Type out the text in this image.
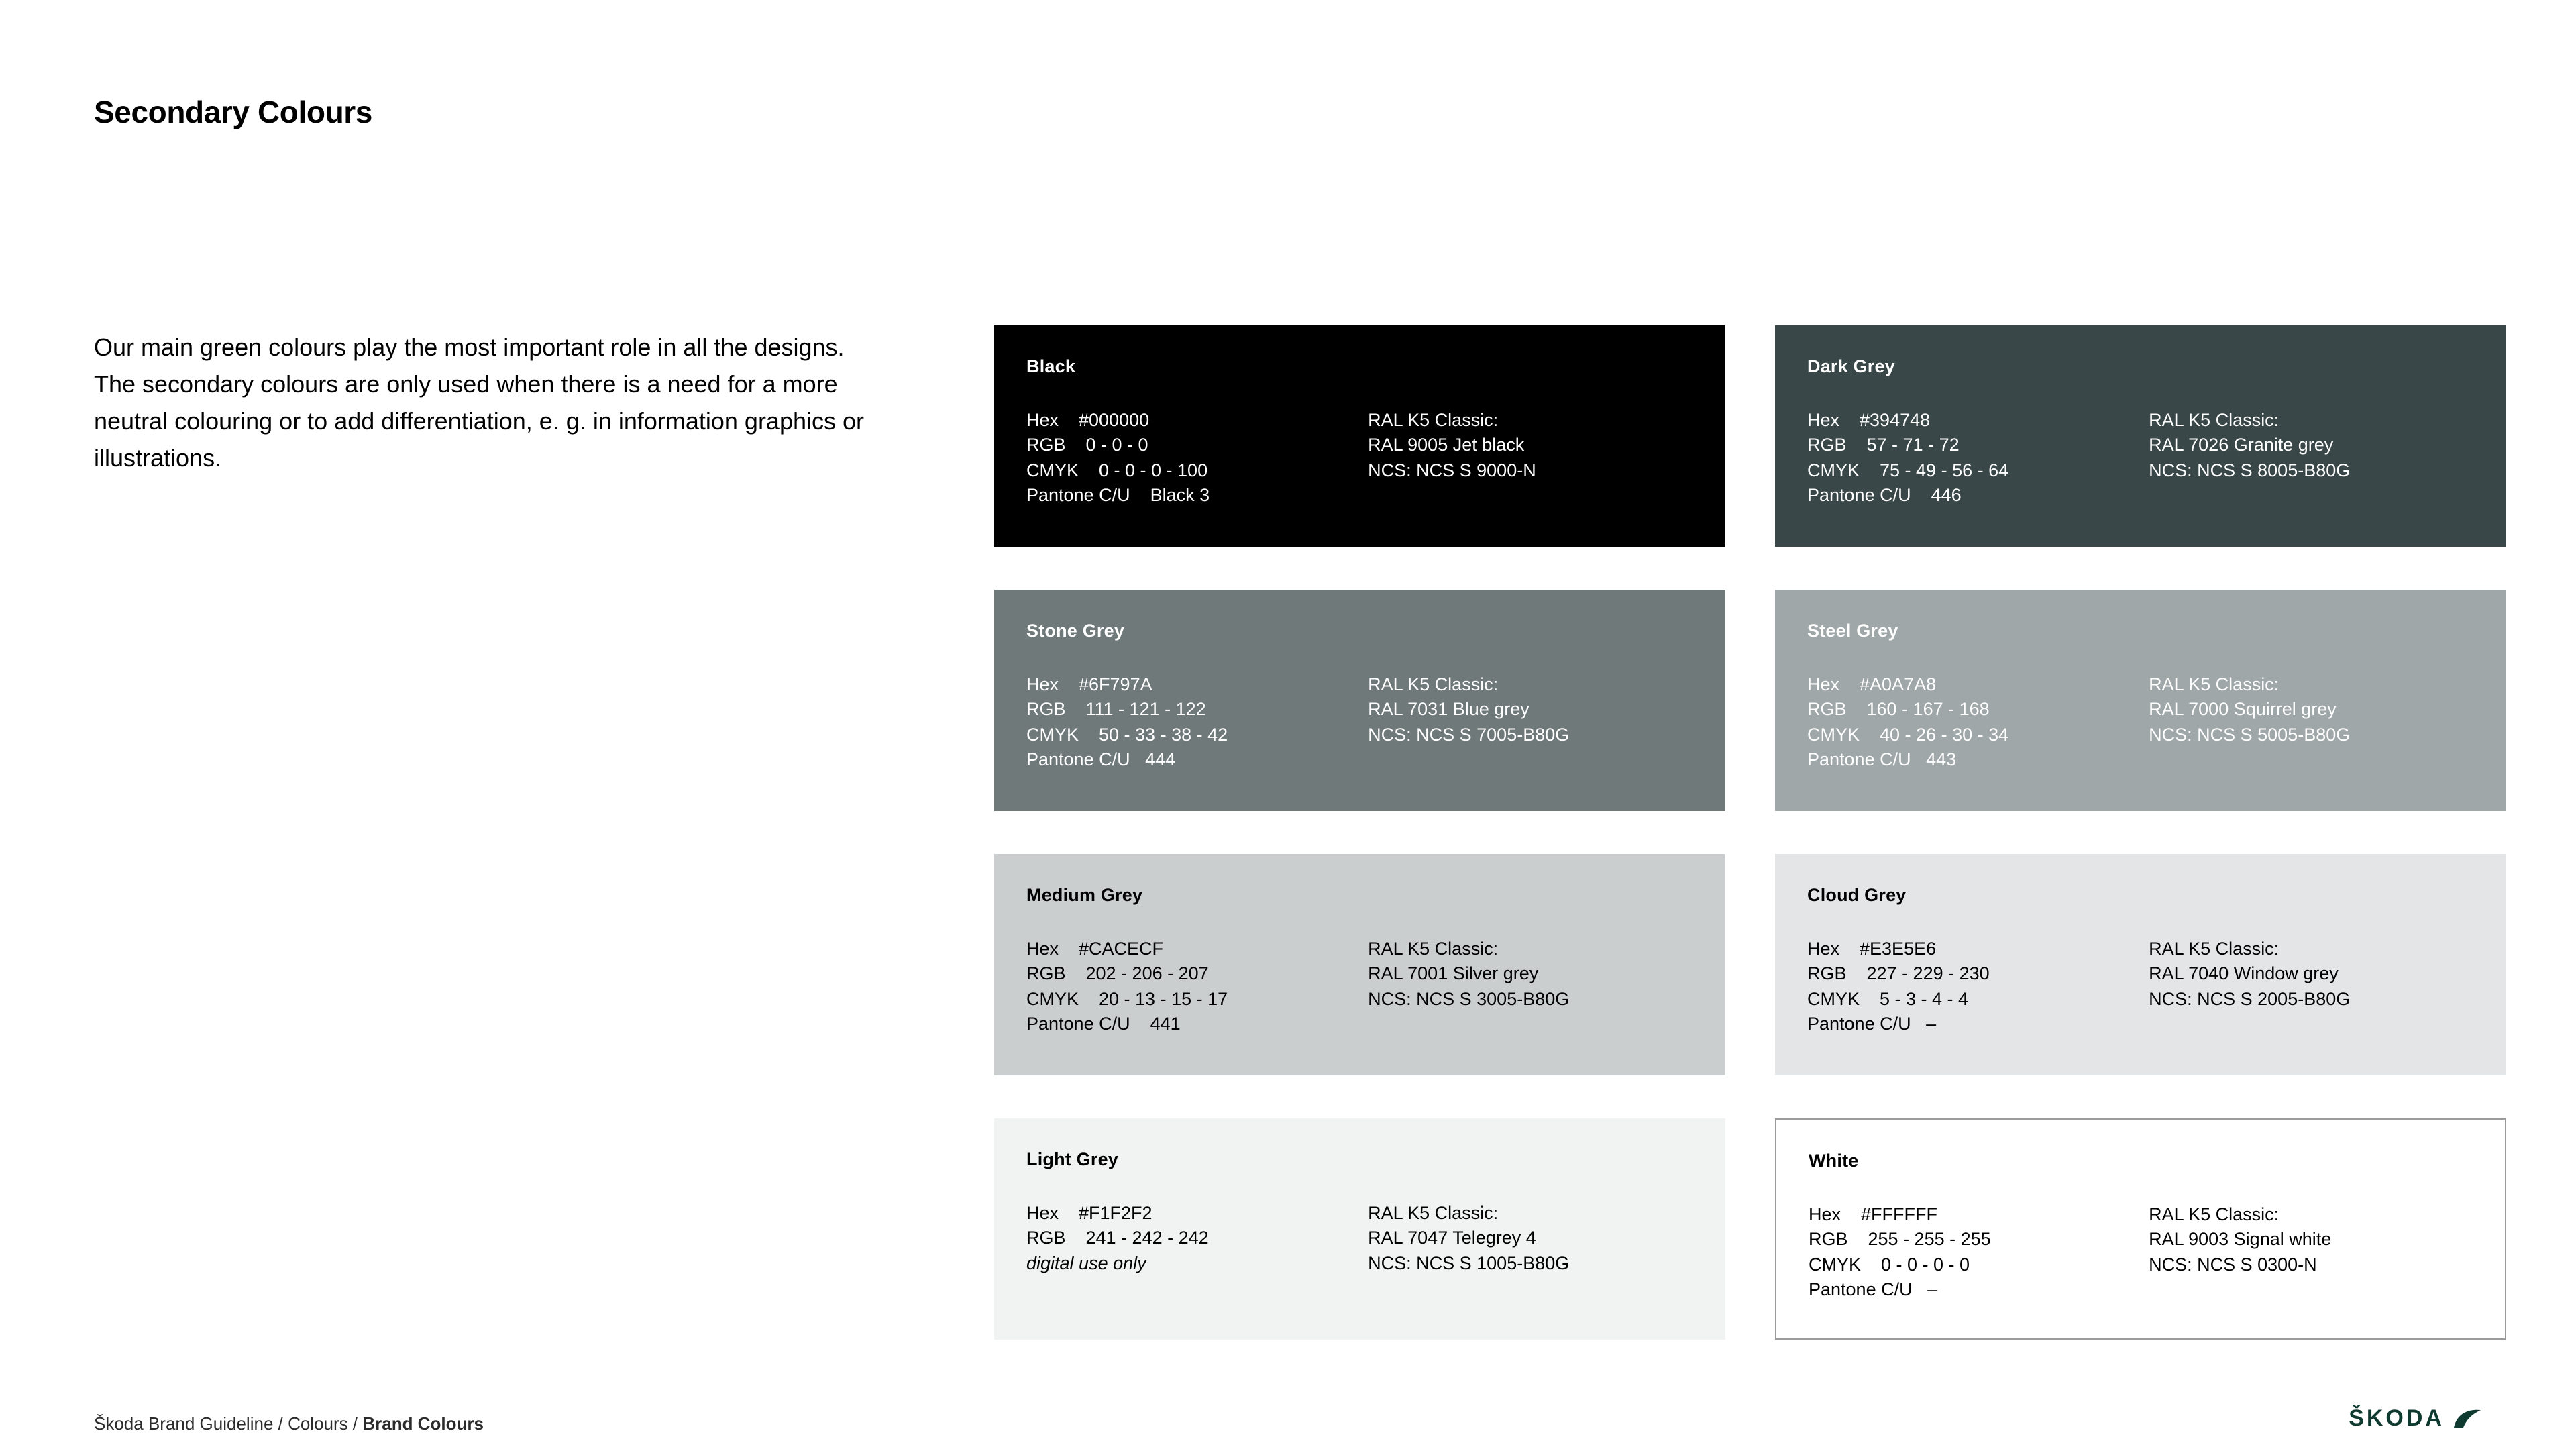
Secondary Colours
Our main green colours play the most important role in all the designs. The secondary colours are only used when there is a need for a more neutral colouring or to add differentiation, e. g. in information graphics or illustrations.
Black
Hex    #000000
RGB    0 - 0 - 0
CMYK    0 - 0 - 0 - 100
Pantone C/U    Black 3
RAL K5 Classic:
RAL 9005 Jet black
NCS: NCS S 9000-N
Dark Grey
Hex    #394748
RGB    57 - 71 - 72
CMYK    75 - 49 - 56 - 64
Pantone C/U    446
RAL K5 Classic:
RAL 7026 Granite grey
NCS: NCS S 8005-B80G
Stone Grey
Hex    #6F797A
RGB    111 - 121 - 122
CMYK    50 - 33 - 38 - 42
Pantone C/U   444
RAL K5 Classic:
RAL 7031 Blue grey
NCS: NCS S 7005-B80G
Steel Grey
Hex    #A0A7A8
RGB    160 - 167 - 168
CMYK    40 - 26 - 30 - 34
Pantone C/U   443
RAL K5 Classic:
RAL 7000 Squirrel grey
NCS: NCS S 5005-B80G
Medium Grey
Hex    #CACECF
RGB    202 - 206 - 207
CMYK    20 - 13 - 15 - 17
Pantone C/U    441
RAL K5 Classic:
RAL 7001 Silver grey
NCS: NCS S 3005-B80G
Cloud Grey
Hex    #E3E5E6
RGB    227 - 229 - 230
CMYK    5 - 3 - 4 - 4
Pantone C/U   –
RAL K5 Classic:
RAL 7040 Window grey
NCS: NCS S 2005-B80G
Light Grey
Hex    #F1F2F2
RGB    241 - 242 - 242
digital use only
RAL K5 Classic:
RAL 7047 Telegrey 4
NCS: NCS S 1005-B80G
White
Hex    #FFFFFF
RGB    255 - 255 - 255
CMYK    0 - 0 - 0 - 0
Pantone C/U   –
RAL K5 Classic:
RAL 9003 Signal white
NCS: NCS S 0300-N
Škoda Brand Guideline / Colours / Brand Colours	ŠKODA
